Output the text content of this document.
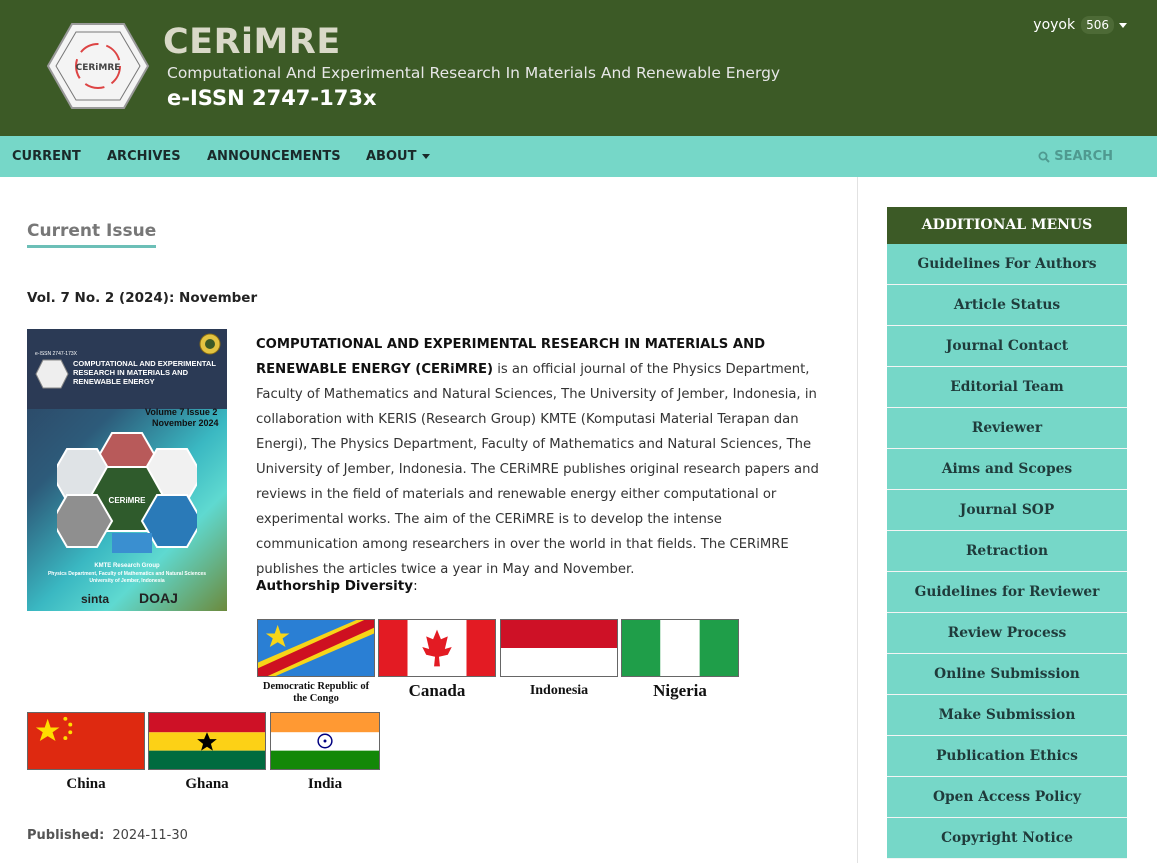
CERiMRE
CERiMRE
Computational And Experimental Research In Materials And Renewable Energy
e-ISSN 2747-173x
yoyok 506
CURRENT ARCHIVES ANNOUNCEMENTS ABOUT	SEARCH
Current Issue
Vol. 7 No. 2 (2024): November
e-ISSN 2747-173X
COMPUTATIONAL AND EXPERIMENTAL RESEARCH IN MATERIALS AND RENEWABLE ENERGY
Volume 7 Issue 2
November 2024
CERiMRE
KMTE Research Group
Physics Department, Faculty of Mathematics and Natural Sciences
University of Jember, Indonesia
sinta DOAJ
COMPUTATIONAL AND EXPERIMENTAL RESEARCH IN MATERIALS AND RENEWABLE ENERGY (CERiMRE) is an official journal of the Physics Department, Faculty of Mathematics and Natural Sciences, The University of Jember, Indonesia, in collaboration with KERIS (Research Group) KMTE (Komputasi Material Terapan dan Energi), The Physics Department, Faculty of Mathematics and Natural Sciences, The University of Jember, Indonesia. The CERiMRE publishes original research papers and reviews in the field of materials and renewable energy either computational or experimental works. The aim of the CERiMRE is to develop the intense communication among researchers in over the world in that fields. The CERiMRE publishes the articles twice a year in May and November.
Authorship Diversity:
Democratic Republic of the Congo	Canada	Indonesia	Nigeria
China	Ghana	India
Published: 2024-11-30
ADDITIONAL MENUS
Guidelines For Authors
Article Status
Journal Contact
Editorial Team
Reviewer
Aims and Scopes
Journal SOP
Retraction
Guidelines for Reviewer
Review Process
Online Submission
Make Submission
Publication Ethics
Open Access Policy
Copyright Notice
